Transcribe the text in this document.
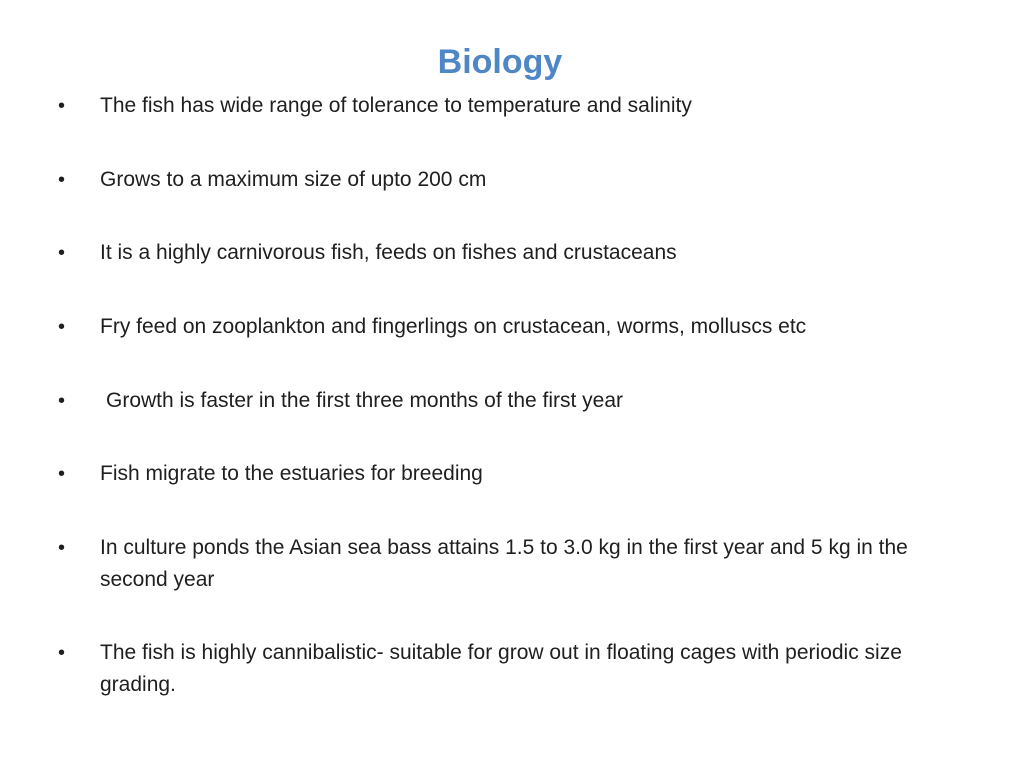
Biology
• The fish has wide range of tolerance to temperature and salinity
• Grows to a maximum size of upto 200 cm
• It is a highly carnivorous fish, feeds on fishes and crustaceans
• Fry feed on zooplankton and fingerlings on crustacean, worms, molluscs etc
• Growth is faster in the first three months of the first year
• Fish migrate to the estuaries for breeding
• In culture ponds the Asian sea bass attains 1.5 to 3.0 kg in the first year and 5 kg in the second year
• The fish is highly cannibalistic- suitable for grow out in floating cages with periodic size grading.
